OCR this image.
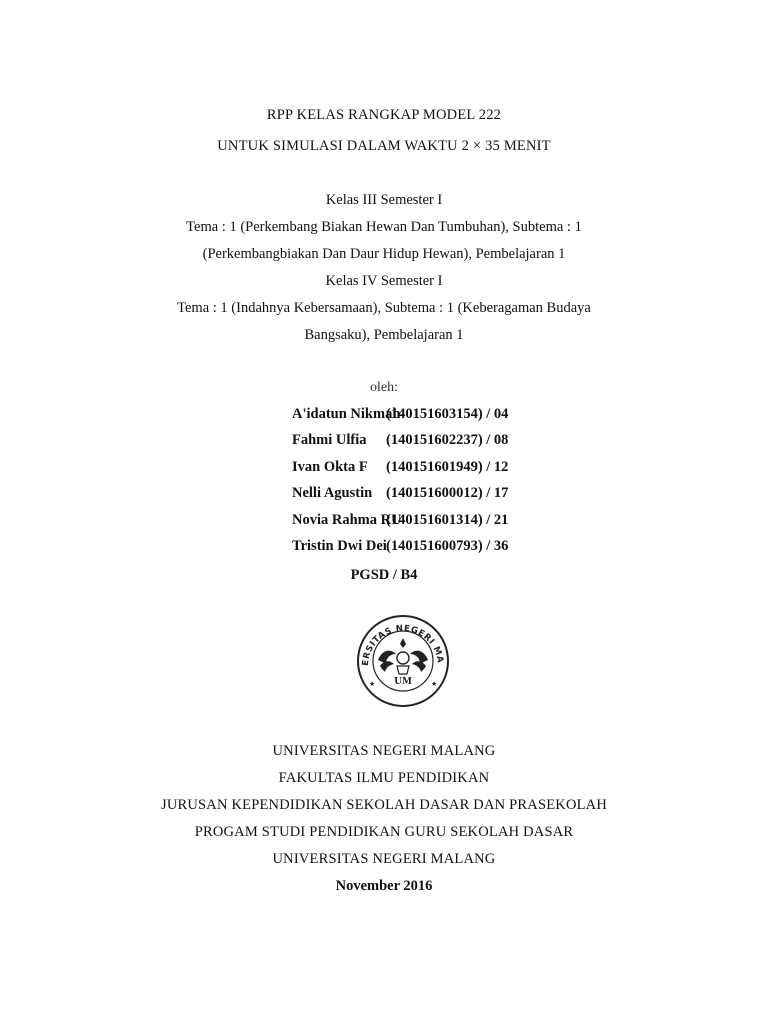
RPP KELAS RANGKAP MODEL 222
UNTUK SIMULASI DALAM WAKTU 2 × 35 MENIT
Kelas III Semester I
Tema : 1 (Perkembang Biakan Hewan Dan Tumbuhan), Subtema : 1
(Perkembangbiakan Dan Daur Hidup Hewan), Pembelajaran 1
Kelas IV Semester I
Tema : 1 (Indahnya Kebersamaan), Subtema : 1 (Keberagaman Budaya
Bangsaku), Pembelajaran 1
oleh:
A'idatun Nikmah
(140151603154) / 04
Fahmi Ulfia (140151602237) / 08
Ivan Okta F (140151601949) / 12
Nelli Agustin (140151600012) / 17
Novia Rahma RU
(140151601314) / 21
Tristin Dwi Dei (140151600793) / 36
PGSD / B4
ERSITAS NEGERI MA
★	★
UM
UNIVERSITAS NEGERI MALANG
FAKULTAS ILMU PENDIDIKAN
JURUSAN KEPENDIDIKAN SEKOLAH DASAR DAN PRASEKOLAH
PROGAM STUDI PENDIDIKAN GURU SEKOLAH DASAR
UNIVERSITAS NEGERI MALANG
November 2016
